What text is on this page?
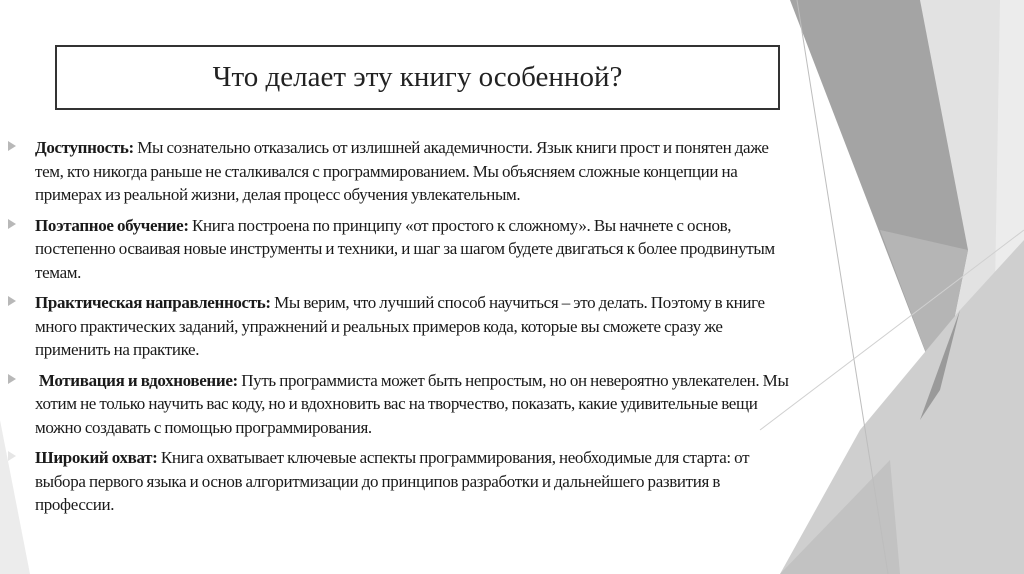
Что делает эту книгу особенной?
Доступность: Мы сознательно отказались от излишней академичности. Язык книги прост и понятен даже тем, кто никогда раньше не сталкивался с программированием. Мы объясняем сложные концепции на примерах из реальной жизни, делая процесс обучения увлекательным.
Поэтапное обучение: Книга построена по принципу «от простого к сложному». Вы начнете с основ, постепенно осваивая новые инструменты и техники, и шаг за шагом будете двигаться к более продвинутым темам.
Практическая направленность: Мы верим, что лучший способ научиться – это делать. Поэтому в книге много практических заданий, упражнений и реальных примеров кода, которые вы сможете сразу же применить на практике.
Мотивация и вдохновение: Путь программиста может быть непростым, но он невероятно увлекателен. Мы хотим не только научить вас коду, но и вдохновить вас на творчество, показать, какие удивительные вещи можно создавать с помощью программирования.
Широкий охват: Книга охватывает ключевые аспекты программирования, необходимые для старта: от выбора первого языка и основ алгоритмизации до принципов разработки и дальнейшего развития в профессии.
